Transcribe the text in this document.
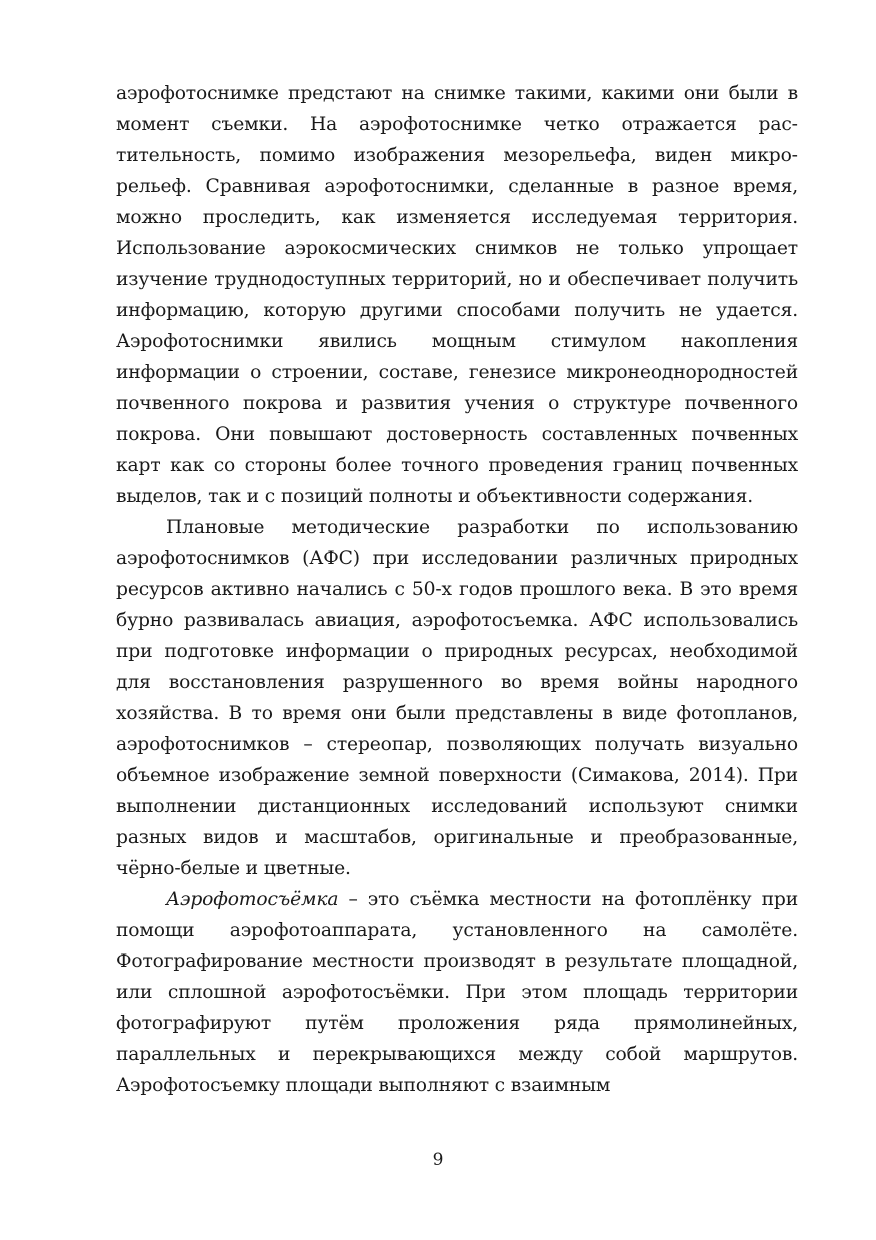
аэрофотоснимке предстают на снимке такими, какими они были в момент съемки. На аэрофотоснимке четко отражается растительность, помимо изображения мезорельефа, виден микрорельеф. Сравнивая аэрофотоснимки, сделанные в разное время, можно проследить, как изменяется исследуемая территория. Использование аэрокосмических снимков не только упрощает изучение труднодоступных территорий, но и обеспечивает получить информацию, которую другими способами получить не удается. Аэрофотоснимки явились мощным стимулом накопления информации о строении, составе, генезисе микронеоднородностей почвенного покрова и развития учения о структуре почвенного покрова. Они повышают достоверность составленных почвенных карт как со стороны более точного проведения границ почвенных выделов, так и с позиций полноты и объективности содержания.

Плановые методические разработки по использованию аэрофотоснимков (АФС) при исследовании различных природных ресурсов активно начались с 50-х годов прошлого века. В это время бурно развивалась авиация, аэрофотосъемка. АФС использовались при подготовке информации о природных ресурсах, необходимой для восстановления разрушенного во время войны народного хозяйства. В то время они были представлены в виде фотопланов, аэрофотоснимков – стереопар, позволяющих получать визуально объемное изображение земной поверхности (Симакова, 2014). При выполнении дистанционных исследований используют снимки разных видов и масштабов, оригинальные и преобразованные, чёрно-белые и цветные.

Аэрофотосъёмка – это съёмка местности на фотоплёнку при помощи аэрофотоаппарата, установленного на самолёте. Фотографирование местности производят в результате площадной, или сплошной аэрофотосъёмки. При этом площадь территории фотографируют путём проложения ряда прямолинейных, параллельных и перекрывающихся между собой маршрутов. Аэрофотосъемку площади выполняют с взаимным

9
